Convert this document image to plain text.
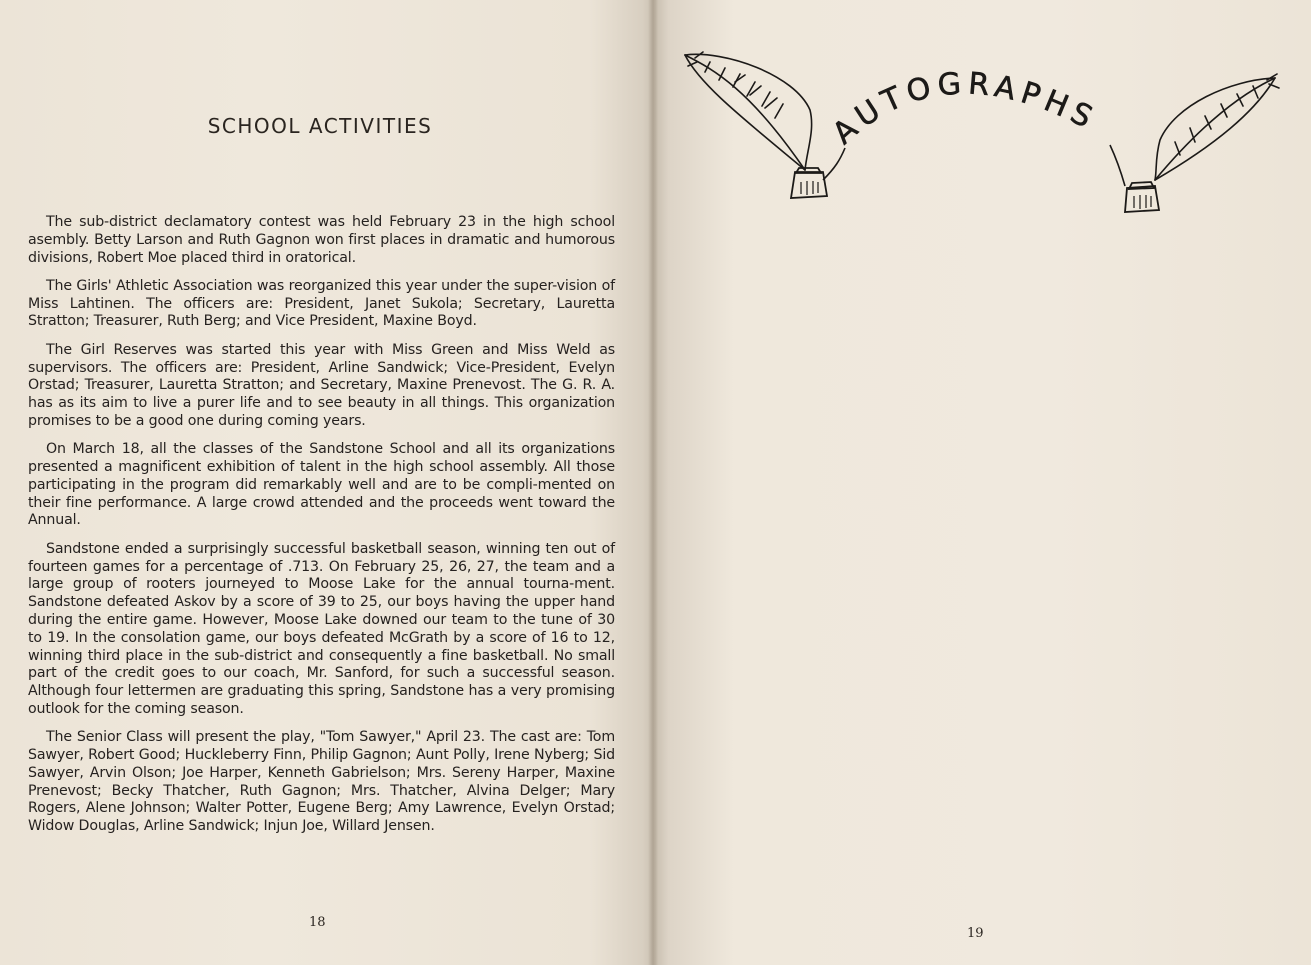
SCHOOL ACTIVITIES

The sub-district declamatory contest was held February 23 in the high school asembly. Betty Larson and Ruth Gagnon won first places in dramatic and humorous divisions, Robert Moe placed third in oratorical.

The Girls' Athletic Association was reorganized this year under the super-vision of Miss Lahtinen. The officers are: President, Janet Sukola; Secretary, Lauretta Stratton; Treasurer, Ruth Berg; and Vice President, Maxine Boyd.

The Girl Reserves was started this year with Miss Green and Miss Weld as supervisors. The officers are: President, Arline Sandwick; Vice-President, Evelyn Orstad; Treasurer, Lauretta Stratton; and Secretary, Maxine Prenevost. The G. R. A. has as its aim to live a purer life and to see beauty in all things. This organization promises to be a good one during coming years.

On March 18, all the classes of the Sandstone School and all its organizations presented a magnificent exhibition of talent in the high school assembly. All those participating in the program did remarkably well and are to be compli-mented on their fine performance. A large crowd attended and the proceeds went toward the Annual.

Sandstone ended a surprisingly successful basketball season, winning ten out of fourteen games for a percentage of .713. On February 25, 26, 27, the team and a large group of rooters journeyed to Moose Lake for the annual tourna-ment. Sandstone defeated Askov by a score of 39 to 25, our boys having the upper hand during the entire game. However, Moose Lake downed our team to the tune of 30 to 19. In the consolation game, our boys defeated McGrath by a score of 16 to 12, winning third place in the sub-district and consequently a fine basketball. No small part of the credit goes to our coach, Mr. Sanford, for such a successful season. Although four lettermen are graduating this spring, Sandstone has a very promising outlook for the coming season.

The Senior Class will present the play, "Tom Sawyer," April 23. The cast are: Tom Sawyer, Robert Good; Huckleberry Finn, Philip Gagnon; Aunt Polly, Irene Nyberg; Sid Sawyer, Arvin Olson; Joe Harper, Kenneth Gabrielson; Mrs. Sereny Harper, Maxine Prenevost; Becky Thatcher, Ruth Gagnon; Mrs. Thatcher, Alvina Delger; Mary Rogers, Alene Johnson; Walter Potter, Eugene Berg; Amy Lawrence, Evelyn Orstad; Widow Douglas, Arline Sandwick; Injun Joe, Willard Jensen.

18
AUTOGRAPHS
19
